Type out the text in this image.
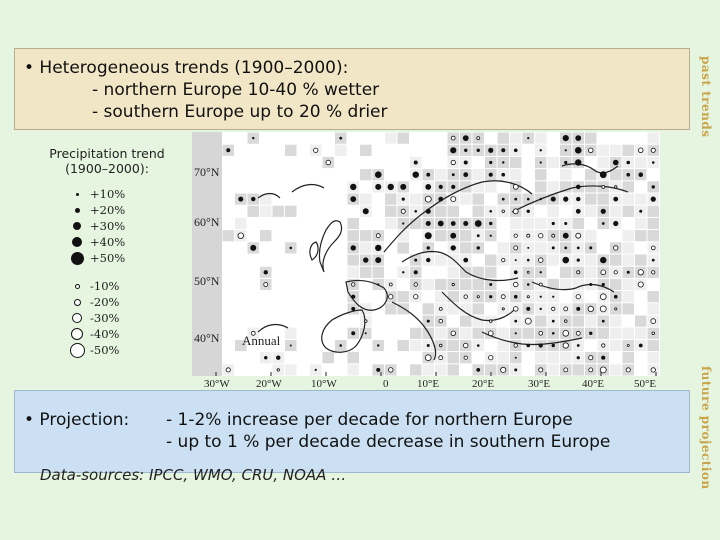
• Heterogeneous trends (1900–2000):
- northern Europe 10-40 % wetter
- southern Europe up to 20 % drier	past trends
70°N
60°N
50°N
40°N Annual
30°W 20°W	10°W	0	10°E	20°E	30°E	40°E	50°E
Precipitation trend
(1900–2000):
+10%
+20%
+30%
+40%
+50%
-10%
-20%
-30%
-40%
-50%
• Projection: - 1-2% increase per decade for northern Europe
- up to 1 % per decade decrease in southern Europe	future projection
Data-sources: IPCC, WMO, CRU, NOAA …
